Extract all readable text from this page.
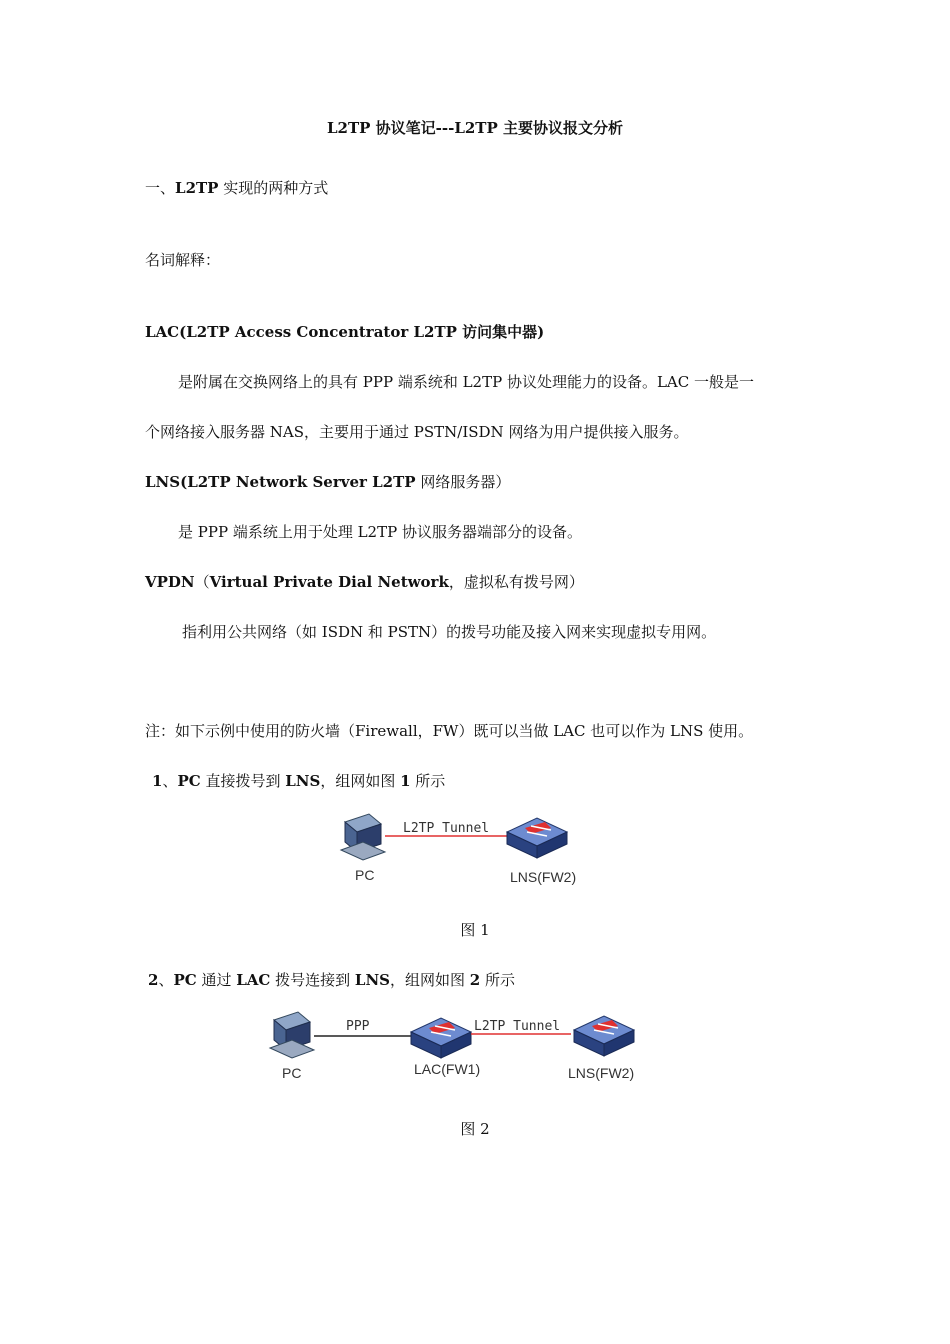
L2TP 协议笔记---L2TP 主要协议报文分析
一、L2TP 实现的两种方式
名词解释：
LAC(L2TP Access Concentrator L2TP 访问集中器)
是附属在交换网络上的具有 PPP 端系统和 L2TP 协议处理能力的设备。LAC 一般是一
个网络接入服务器 NAS，主要用于通过 PSTN/ISDN 网络为用户提供接入服务。
LNS(L2TP Network Server L2TP 网络服务器）
是 PPP 端系统上用于处理 L2TP 协议服务器端部分的设备。
VPDN（Virtual Private Dial Network，虚拟私有拨号网）
指利用公共网络（如 ISDN 和 PSTN）的拨号功能及接入网来实现虚拟专用网。
注：如下示例中使用的防火墙（Firewall，FW）既可以当做 LAC 也可以作为 LNS 使用。
1、PC 直接拨号到 LNS，组网如图 1 所示
L2TP Tunnel
PC	LNS(FW2)
图 1
2、PC 通过 LAC 拨号连接到 LNS，组网如图 2 所示
PPP	L2TP Tunnel
PC	LAC(FW1)	LNS(FW2)
图 2
